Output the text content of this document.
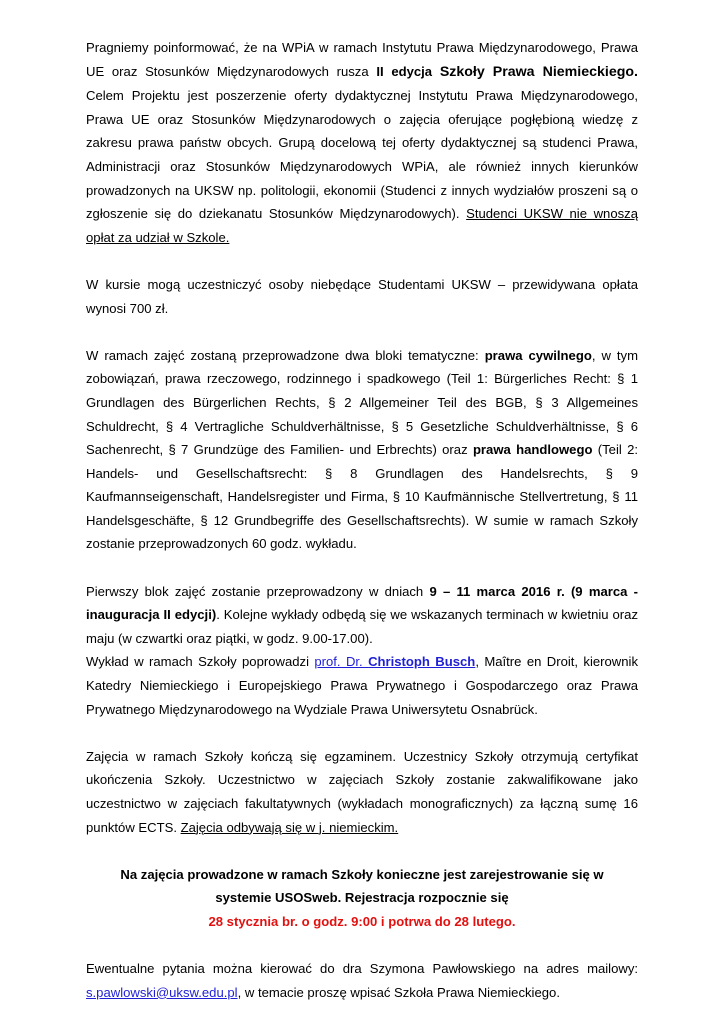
Pragniemy poinformować, że na WPiA w ramach Instytutu Prawa Międzynarodowego, Prawa UE oraz Stosunków Międzynarodowych rusza II edycja Szkoły Prawa Niemieckiego. Celem Projektu jest poszerzenie oferty dydaktycznej Instytutu Prawa Międzynarodowego, Prawa UE oraz Stosunków Międzynarodowych o zajęcia oferujące pogłębioną wiedzę z zakresu prawa państw obcych. Grupą docelową tej oferty dydaktycznej są studenci Prawa, Administracji oraz Stosunków Międzynarodowych WPiA, ale również innych kierunków prowadzonych na UKSW np. politologii, ekonomii (Studenci z innych wydziałów proszeni są o zgłoszenie się do dziekanatu Stosunków Międzynarodowych). Studenci UKSW nie wnoszą opłat za udział w Szkole.

W kursie mogą uczestniczyć osoby niebędące Studentami UKSW – przewidywana opłata wynosi 700 zł.

W ramach zajęć zostaną przeprowadzone dwa bloki tematyczne: prawa cywilnego, w tym zobowiązań, prawa rzeczowego, rodzinnego i spadkowego (Teil 1: Bürgerliches Recht: § 1 Grundlagen des Bürgerlichen Rechts, § 2 Allgemeiner Teil des BGB, § 3 Allgemeines Schuldrecht, § 4 Vertragliche Schuldverhältnisse, § 5 Gesetzliche Schuldverhältnisse, § 6 Sachenrecht, § 7 Grundzüge des Familien- und Erbrechts) oraz prawa handlowego (Teil 2: Handels- und Gesellschaftsrecht: § 8 Grundlagen des Handelsrechts, § 9 Kaufmannseigenschaft, Handelsregister und Firma, § 10 Kaufmännische Stellvertretung, § 11 Handelsgeschäfte, § 12 Grundbegriffe des Gesellschaftsrechts). W sumie w ramach Szkoły zostanie przeprowadzonych 60 godz. wykładu.

Pierwszy blok zajęć zostanie przeprowadzony w dniach 9 – 11 marca 2016 r. (9 marca - inauguracja II edycji). Kolejne wykłady odbędą się we wskazanych terminach w kwietniu oraz maju (w czwartki oraz piątki, w godz. 9.00-17.00).

Wykład w ramach Szkoły poprowadzi prof. Dr. Christoph Busch, Maître en Droit, kierownik Katedry Niemieckiego i Europejskiego Prawa Prywatnego i Gospodarczego oraz Prawa Prywatnego Międzynarodowego na Wydziale Prawa Uniwersytetu Osnabrück.

Zajęcia w ramach Szkoły kończą się egzaminem. Uczestnicy Szkoły otrzymują certyfikat ukończenia Szkoły. Uczestnictwo w zajęciach Szkoły zostanie zakwalifikowane jako uczestnictwo w zajęciach fakultatywnych (wykładach monograficznych) za łączną sumę 16 punktów ECTS. Zajęcia odbywają się w j. niemieckim.

Na zajęcia prowadzone w ramach Szkoły konieczne jest zarejestrowanie się w

systemie USOSweb. Rejestracja rozpocznie się

28 stycznia br. o godz. 9:00 i potrwa do 28 lutego.

Ewentualne pytania można kierować do dra Szymona Pawłowskiego na adres mailowy: s.pawlowski@uksw.edu.pl, w temacie proszę wpisać Szkoła Prawa Niemieckiego.
